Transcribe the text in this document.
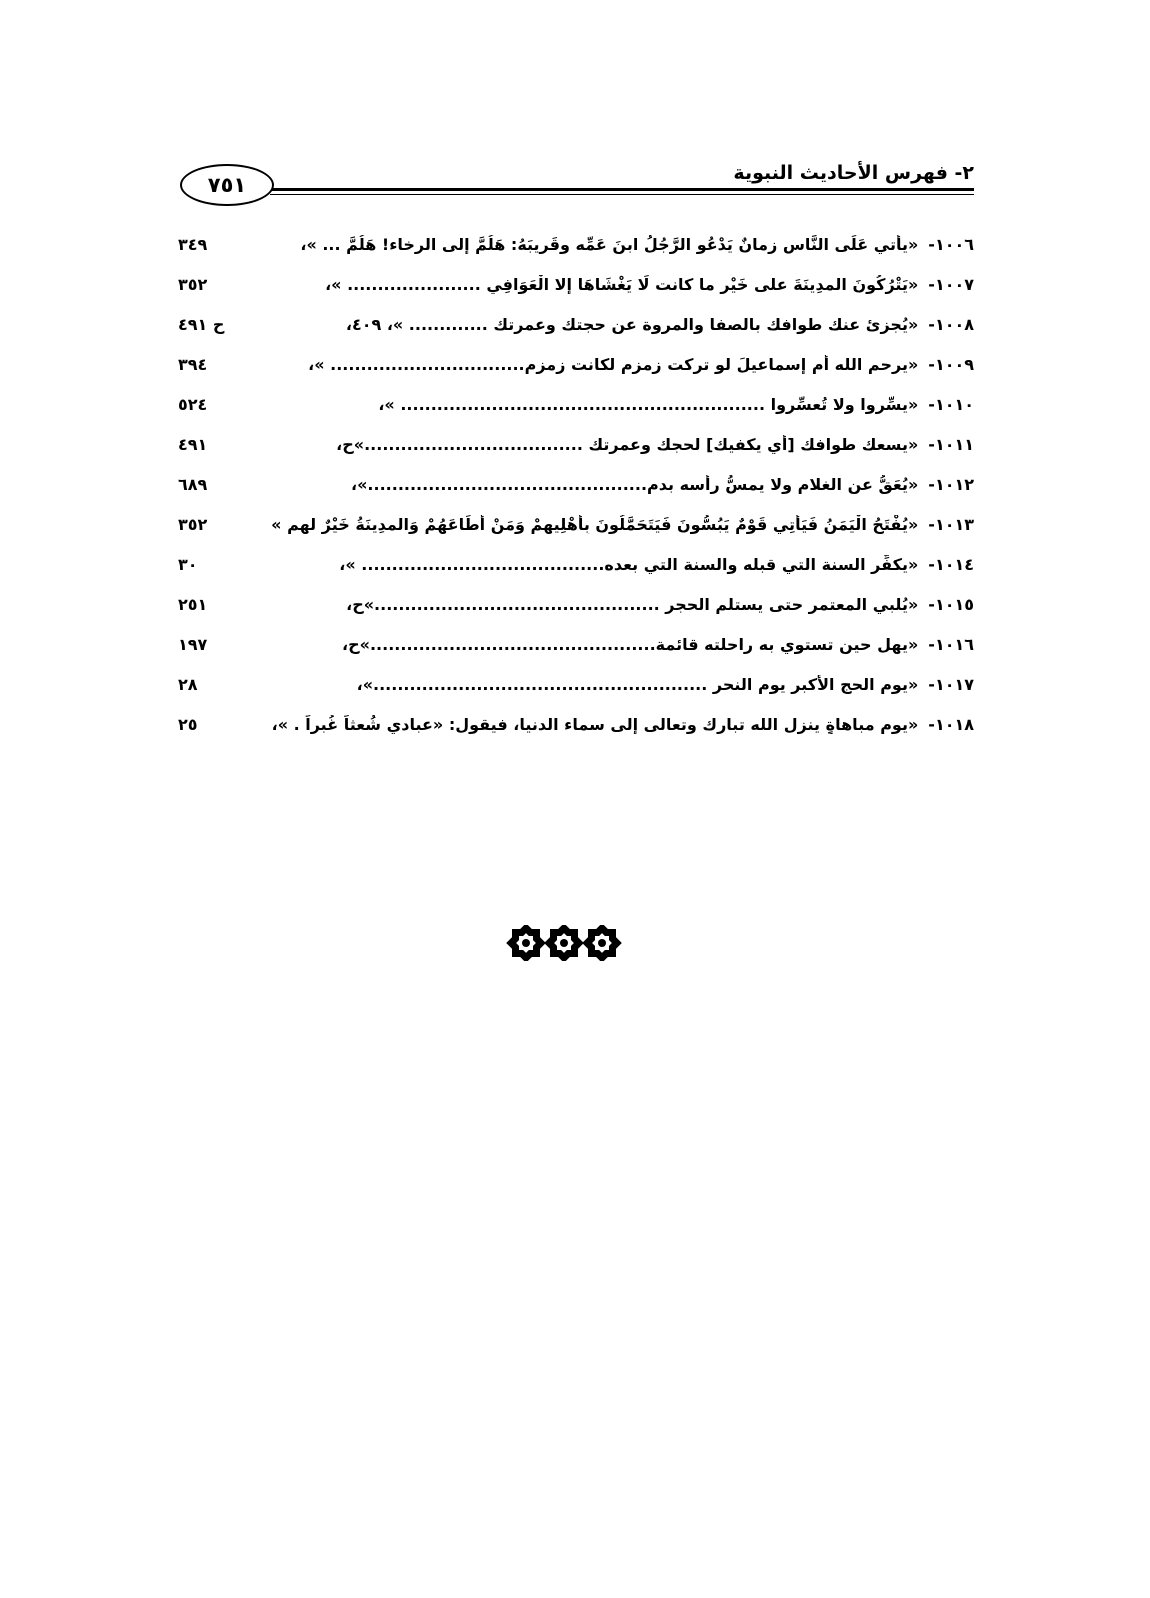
٢- فهرس الأحاديث النبوية
٧٥١
١٠٠٦-
«يأتي عَلَى النَّاسِ زمانٌ يَدْعُو الرَّجُلُ ابنَ عَمِّه وقَرِيبَهُ: هَلُمَّ إلى الرخاء! هَلُمَّ ... »،
٣٤٩
١٠٠٧-
«يَتْرُكُونَ المدِينَةَ على خَيْرِ ما كانت لَا يَغْشَاهَا إلا الْعَوَافِي ...................... »،
٣٥٢
١٠٠٨-
«يُجزئ عنك طوافك بالصفا والمروة عن حجتك وعمرتك ............. »، ٤٠٩،
ح ٤٩١
١٠٠٩-
«يرحم الله أم إسماعيلَ لو تركت زمزم لكانت زمزم................................ »،
٣٩٤
١٠١٠-
«يسِّروا ولا تُعسِّروا ............................................................ »،
٥٢٤
١٠١١-
«يسعك طوافك [أي يكفيك] لحجك وعمرتك ....................................»ح،
٤٩١
١٠١٢-
«يُعَقُّ عن الغلام ولا يمسُّ رأسه بدمٍ..............................................»،
٦٨٩
١٠١٣-
«يُفْتَحُ الْيَمَنُ فَيَأْتِي قَوْمٌ يَبُسُّونَ فَيَتَحَمَّلُونَ بِأَهْلِيهِمْ وَمَنْ أَطَاعَهُمْ وَالمدِينَةُ خَيْرٌ لهم »
٣٥٢
١٠١٤-
«يكفِّر السنة التي قبله والسنة التي بعده........................................ »،
٣٠
١٠١٥-
«يُلبي المعتمر حتى يستلم الحجر ...............................................»ح،
٢٥١
١٠١٦-
«يهل حين تستوي به راحلته قائمة...............................................»ح،
١٩٧
١٠١٧-
«يوم الحج الأكبر يوم النحر .......................................................»،
٢٨
١٠١٨-
«يوم مباهاةٍ ينزل الله تبارك وتعالى إلى سماء الدنيا، فيقول: «عبادي شُعثاً غُبراً . »،
٢٥
